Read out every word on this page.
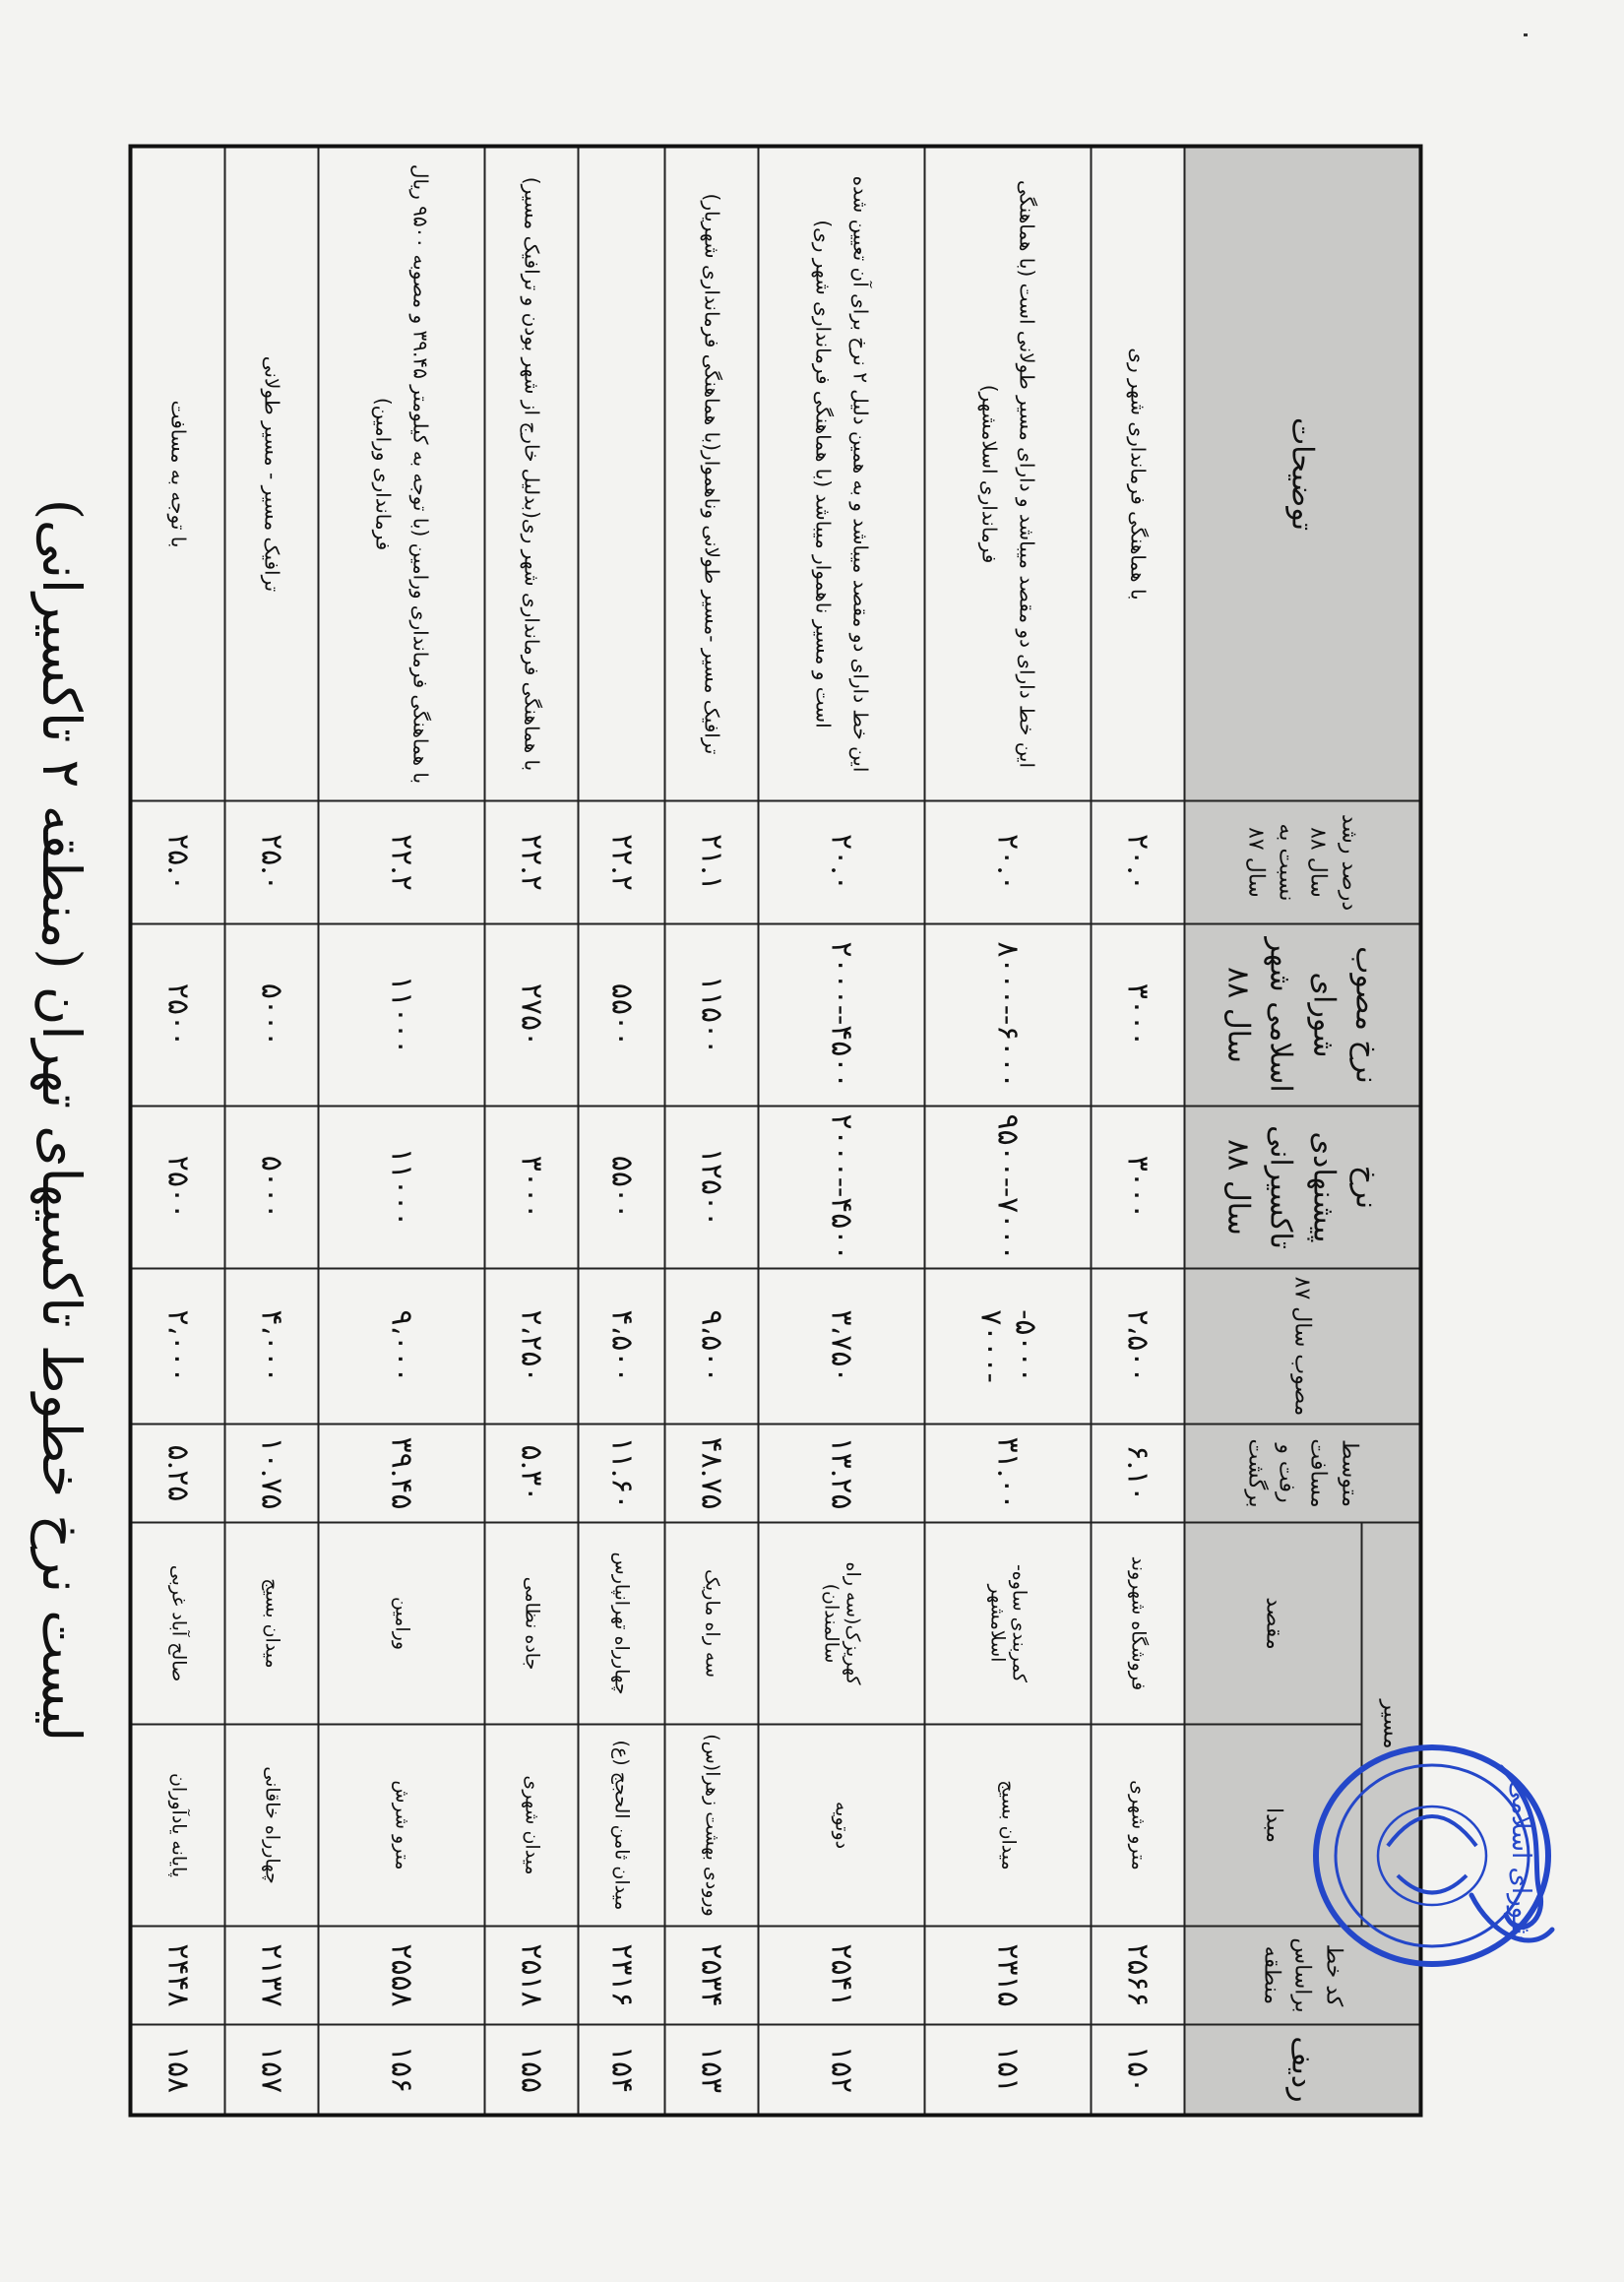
لیست نرخ خطوط تاکسیهای تهران (منطقه ۲ تاکسیرانی)
ردیف	کد خط براساس منطقه	مسیر		متوسط مسافت رفت و برگشت	مصوب سال ۸۷	نرخ پیشنهادی تاکسیرانی سال ۸۸	نرخ مصوب شورای اسلامی شهر سال ۸۸	درصد رشد سال ۸۸ نسبت به سال ۸۷	توضیحات
		مبدا	مقصد						
۱۵۰	۲۵۶۶	مترو شهری	فروشگاه شهروند	۶.۱۰	۲،۵۰۰	۳۰۰۰	۳۰۰۰	۲۰.۰	با هماهنگی فرمانداری شهر ری
۱۵۱	۲۳۱۵	میدان بسیج	کمربندی ساوه-اسلامشهر	۳۱.۰۰	۵۰۰۰--۷۰۰۰	۷۰۰۰--۹۵۰۰	۶۰۰۰--۸۰۰۰	۲۰.۰	این خط دارای دو مقصد میباشد و دارای مسیر طولانی است (با هماهنگی فرمانداری اسلامشهر)
۱۵۲	۲۵۴۱	دوتویه	کهریزک(سه راه سالمندان)	۱۳.۲۵	۳،۷۵۰	۴۵۰۰--۲۰۰۰	۴۵۰۰--۲۰۰۰	۲۰.۰	این خط دارای دو مقصد میباشد و به همین دلیل ۲ نرخ برای آن تعیین شده است و مسیر ناهموار میباشد (با هماهنگی فرمانداری شهر ری)
۱۵۳	۲۵۳۴	ورودی بهشت زهرا(س)	سه راه ماریک	۴۸.۷۵	۹،۵۰۰	۱۲۵۰۰	۱۱۵۰۰	۲۱.۱	ترافیک مسیر -مسیر طولانی وناهموار(با هماهنگی فرمانداری شهریار)
۱۵۴	۲۳۱۶	میدان ثامن الحجج (ع)	چهارراه تهرانپارس	۱۱.۶۰	۴،۵۰۰	۵۵۰۰	۵۵۰۰	۲۲.۲	
۱۵۵	۲۵۱۸	میدان شهری	جاده نظامی	۵.۳۰	۲،۲۵۰	۳۰۰۰	۲۷۵۰	۲۲.۲	با هماهنگی فرمانداری شهر ری(بدلیل خارج از شهر بودن و ترافیک مسیر)
۱۵۶	۲۵۵۸	مترو شرش	ورامین	۳۹.۴۵	۹،۰۰۰	۱۱۰۰۰	۱۱۰۰۰	۲۲.۲	با هماهنگی فرمانداری ورامین (با توجه به کیلومتر ۳۹.۴۵ و مصوبه ۹۵۰۰ ریال فرمانداری ورامین)
۱۵۷	۲۱۳۷	چهارراه خاقانی	میدان بسیج	۱۰.۷۵	۴،۰۰۰	۵۰۰۰	۵۰۰۰	۲۵.۰	ترافیک مسیر - مسیر طولانی
۱۵۸	۲۴۴۸	پایانه یادآوران	صالح آباد غربی	۵.۲۵	۲،۰۰۰	۲۵۰۰	۲۵۰۰	۲۵.۰	با توجه به مسافت
شورای اسلامی
